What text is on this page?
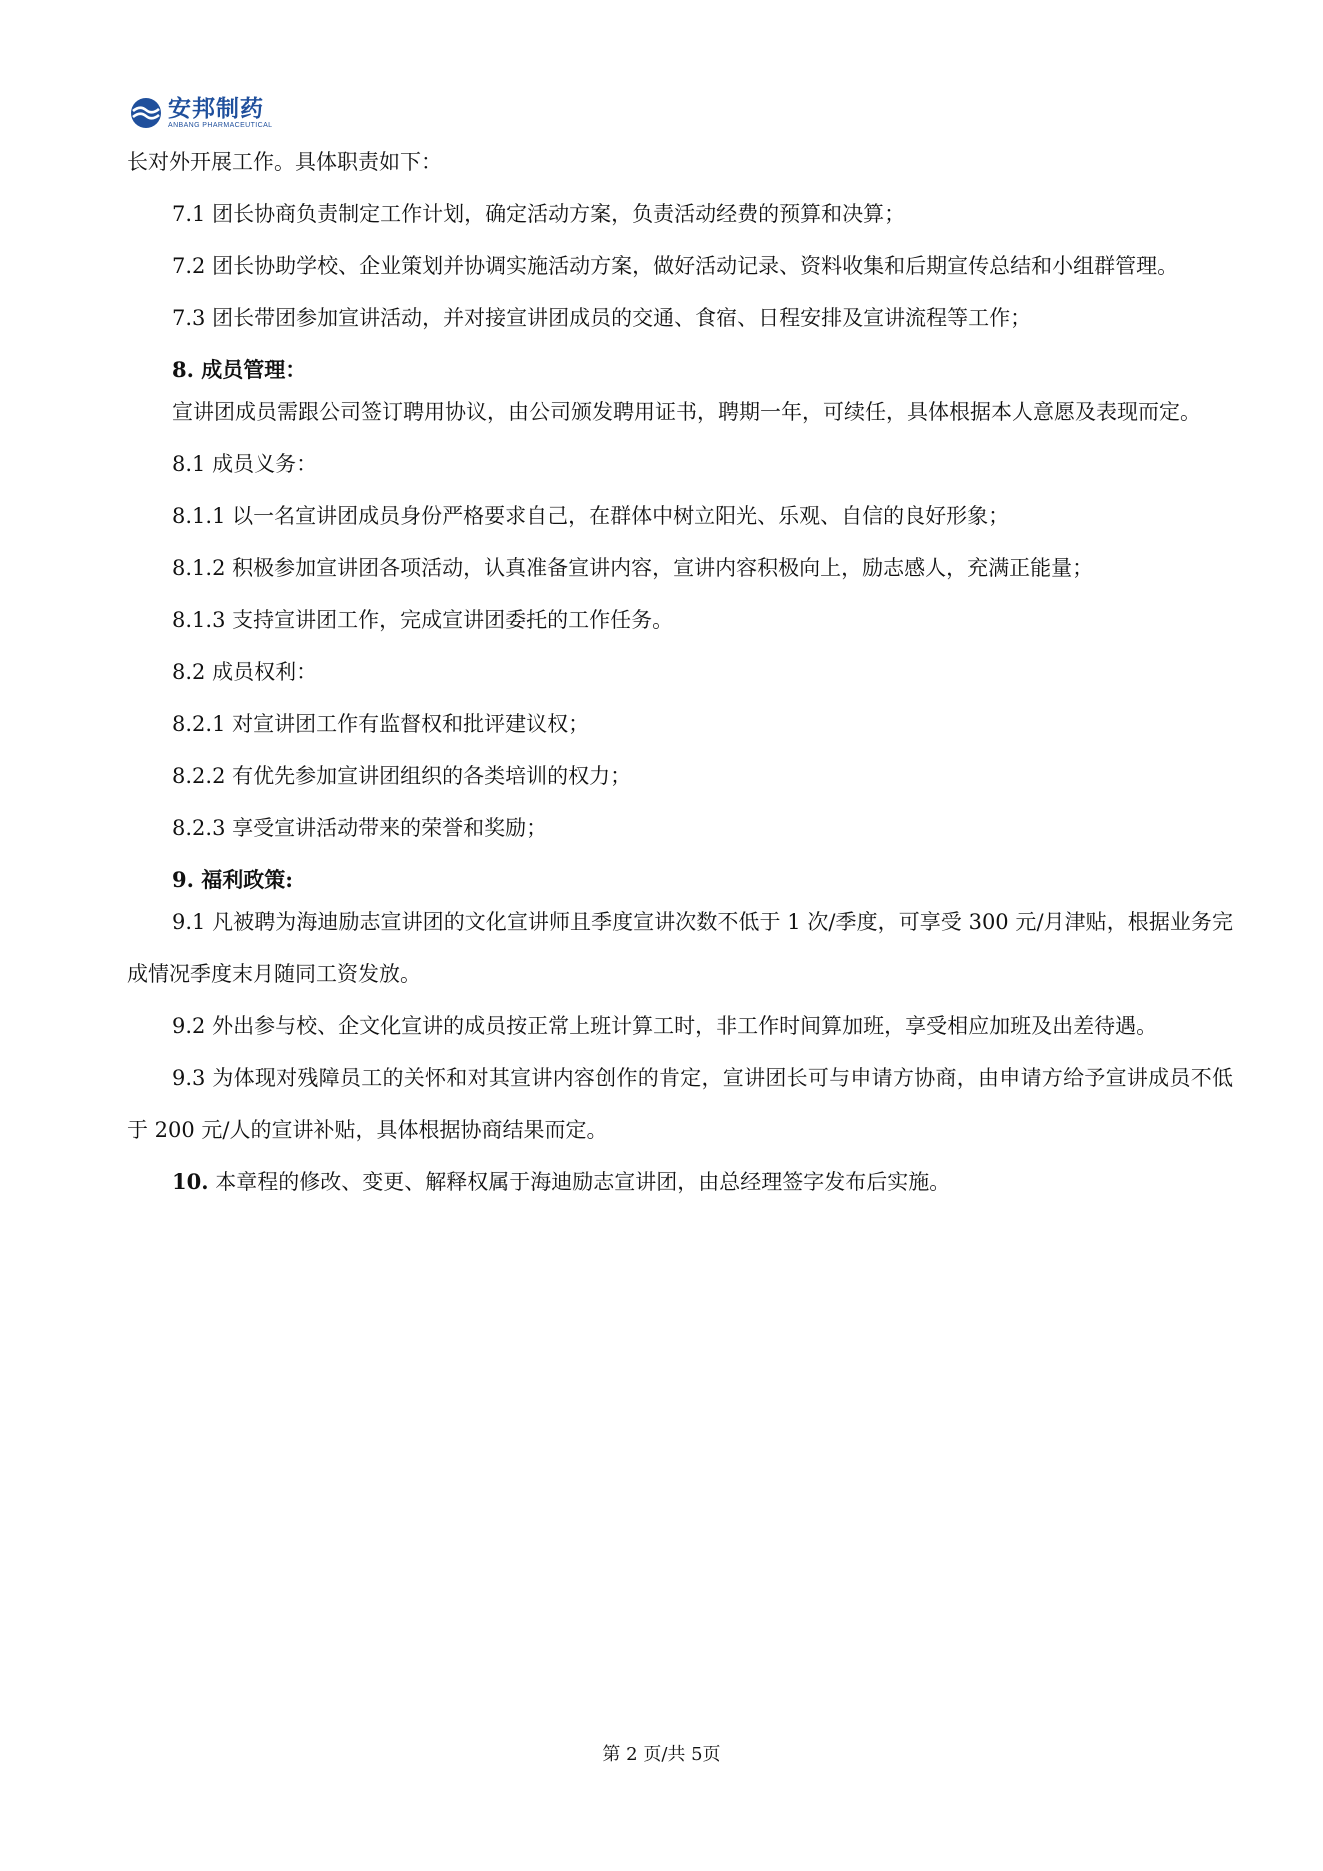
安邦制药
ANBANG PHARMACEUTICAL
长对外开展工作。具体职责如下：
7.1 团长协商负责制定工作计划，确定活动方案，负责活动经费的预算和决算；
7.2 团长协助学校、企业策划并协调实施活动方案，做好活动记录、资料收集和后期宣传总结和小组群管理。
7.3 团长带团参加宣讲活动，并对接宣讲团成员的交通、食宿、日程安排及宣讲流程等工作；
8. 成员管理：
宣讲团成员需跟公司签订聘用协议，由公司颁发聘用证书，聘期一年，可续任，具体根据本人意愿及表现而定。
8.1 成员义务：
8.1.1 以一名宣讲团成员身份严格要求自己，在群体中树立阳光、乐观、自信的良好形象；
8.1.2 积极参加宣讲团各项活动，认真准备宣讲内容，宣讲内容积极向上，励志感人，充满正能量；
8.1.3 支持宣讲团工作，完成宣讲团委托的工作任务。
8.2 成员权利：
8.2.1 对宣讲团工作有监督权和批评建议权；
8.2.2 有优先参加宣讲团组织的各类培训的权力；
8.2.3 享受宣讲活动带来的荣誉和奖励；
9. 福利政策:
9.1 凡被聘为海迪励志宣讲团的文化宣讲师且季度宣讲次数不低于 1 次/季度，可享受 300 元/月津贴，根据业务完成情况季度末月随同工资发放。
9.2 外出参与校、企文化宣讲的成员按正常上班计算工时，非工作时间算加班，享受相应加班及出差待遇。
9.3 为体现对残障员工的关怀和对其宣讲内容创作的肯定，宣讲团长可与申请方协商，由申请方给予宣讲成员不低于 200 元/人的宣讲补贴，具体根据协商结果而定。
10. 本章程的修改、变更、解释权属于海迪励志宣讲团，由总经理签字发布后实施。
第 2 页/共 5页
